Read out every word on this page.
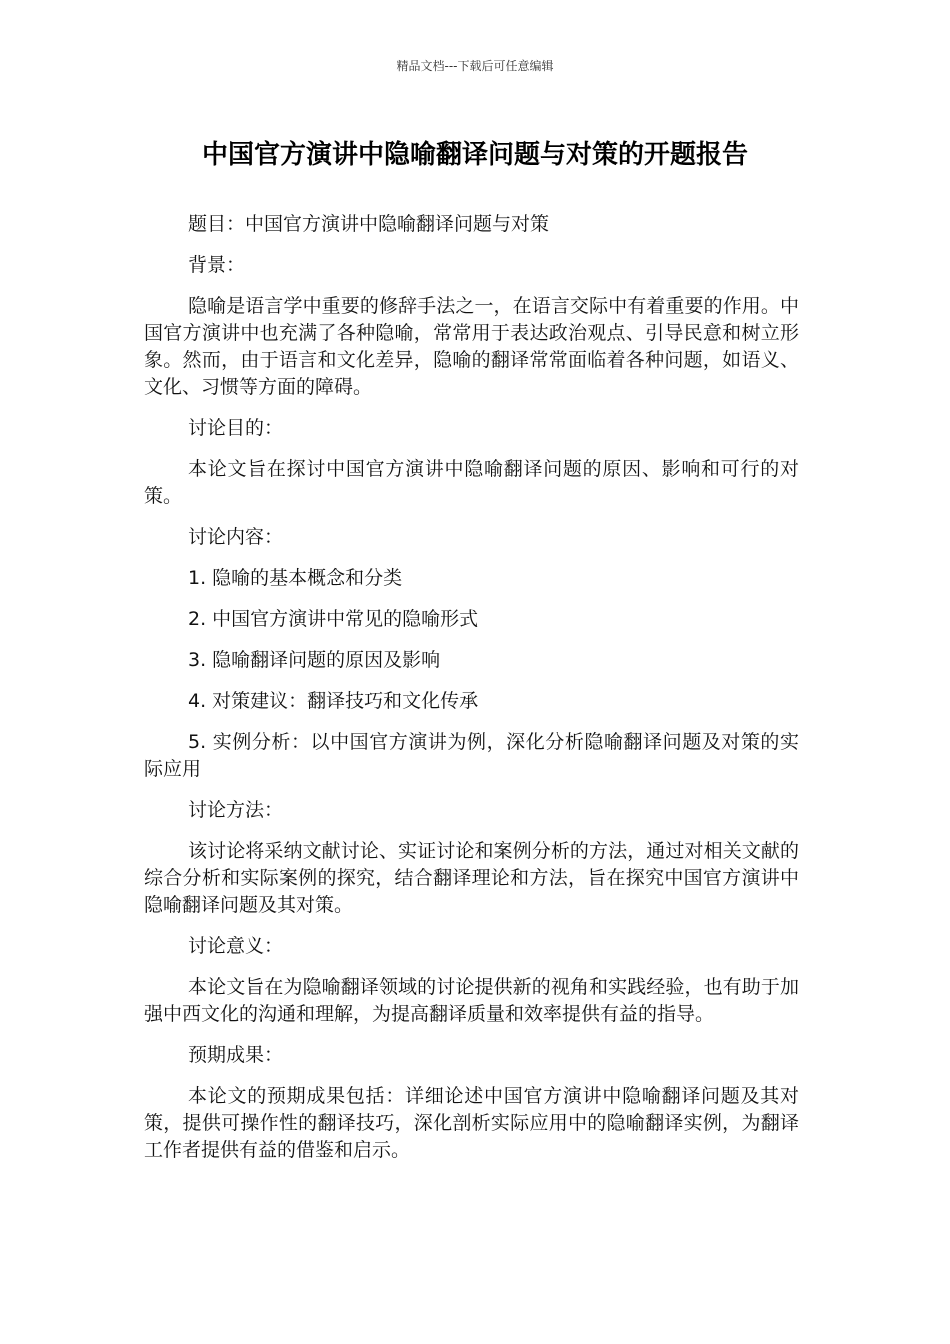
精品文档---下载后可任意编辑
中国官方演讲中隐喻翻译问题与对策的开题报告

题目：中国官方演讲中隐喻翻译问题与对策

背景：

隐喻是语言学中重要的修辞手法之一，在语言交际中有着重要的作用。中国官方演讲中也充满了各种隐喻，常常用于表达政治观点、引导民意和树立形象。然而，由于语言和文化差异，隐喻的翻译常常面临着各种问题，如语义、文化、习惯等方面的障碍。

讨论目的：

本论文旨在探讨中国官方演讲中隐喻翻译问题的原因、影响和可行的对策。

讨论内容：

1. 隐喻的基本概念和分类

2. 中国官方演讲中常见的隐喻形式

3. 隐喻翻译问题的原因及影响

4. 对策建议：翻译技巧和文化传承

5. 实例分析：以中国官方演讲为例，深化分析隐喻翻译问题及对策的实际应用

讨论方法：

该讨论将采纳文献讨论、实证讨论和案例分析的方法，通过对相关文献的综合分析和实际案例的探究，结合翻译理论和方法，旨在探究中国官方演讲中隐喻翻译问题及其对策。

讨论意义：

本论文旨在为隐喻翻译领域的讨论提供新的视角和实践经验，也有助于加强中西文化的沟通和理解，为提高翻译质量和效率提供有益的指导。

预期成果：

本论文的预期成果包括：详细论述中国官方演讲中隐喻翻译问题及其对策，提供可操作性的翻译技巧，深化剖析实际应用中的隐喻翻译实例，为翻译工作者提供有益的借鉴和启示。
